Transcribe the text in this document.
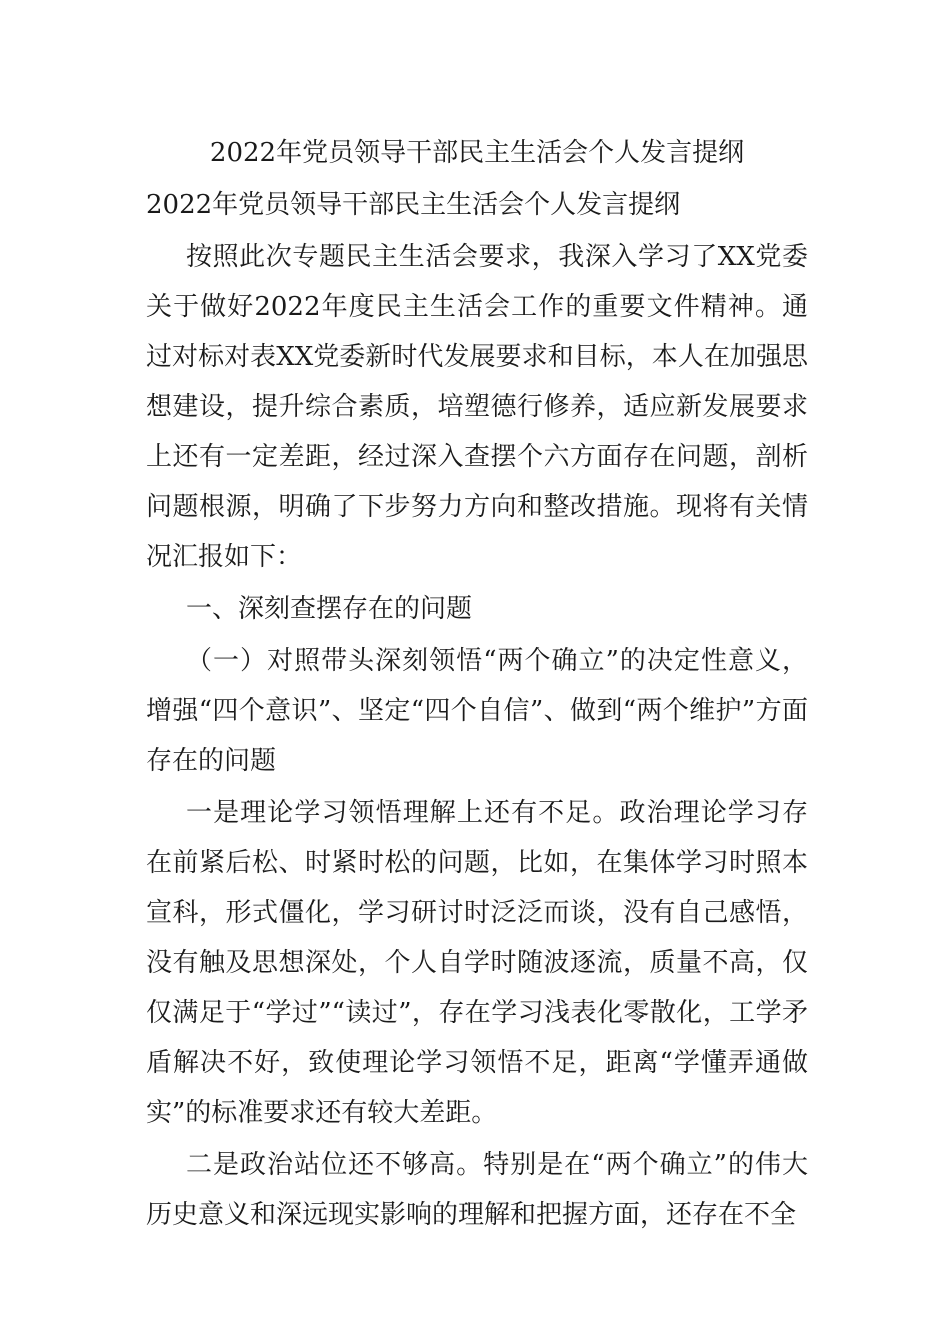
2022年党员领导干部民主生活会个人发言提纲

2022年党员领导干部民主生活会个人发言提纲

按照此次专题民主生活会要求，我深入学习了XX党委关于做好2022年度民主生活会工作的重要文件精神。通过对标对表XX党委新时代发展要求和目标，本人在加强思想建设，提升综合素质，培塑德行修养，适应新发展要求上还有一定差距，经过深入查摆个六方面存在问题，剖析问题根源，明确了下步努力方向和整改措施。现将有关情况汇报如下：

一、深刻查摆存在的问题

（一）对照带头深刻领悟“两个确立”的决定性意义，增强“四个意识”、坚定“四个自信”、做到“两个维护”方面存在的问题

一是理论学习领悟理解上还有不足。政治理论学习存在前紧后松、时紧时松的问题，比如，在集体学习时照本宣科，形式僵化，学习研讨时泛泛而谈，没有自己感悟，没有触及思想深处，个人自学时随波逐流，质量不高，仅仅满足于“学过”“读过”，存在学习浅表化零散化，工学矛盾解决不好，致使理论学习领悟不足，距离“学懂弄通做实”的标准要求还有较大差距。

二是政治站位还不够高。特别是在“两个确立”的伟大历史意义和深远现实影响的理解和把握方面，还存在不全
